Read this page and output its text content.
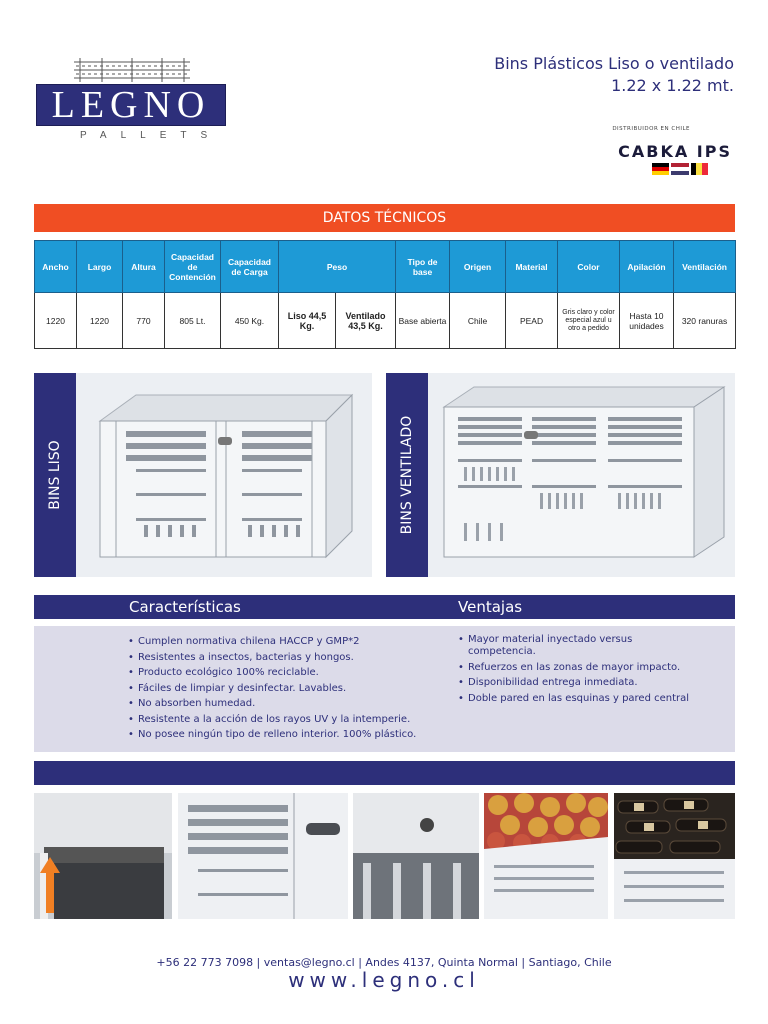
LEGNO
PALLETS
Bins Plásticos Liso o ventilado
1.22 x 1.22 mt.
DISTRIBUIDOR EN CHILE
CABKA IPS
DATOS TÉCNICOS
Ancho	Largo	Altura	Capacidad de Contención	Capacidad de Carga	Peso		Tipo de base	Origen	Material	Color	Apilación	Ventilación
1220	1220	770	805 Lt.	450 Kg.	Liso 44,5 Kg.	Ventilado 43,5 Kg.	Base abierta	Chile	PEAD	Gris claro y color especial azul u otro a pedido	Hasta 10 unidades	320 ranuras
BINS LISO	BINS VENTILADO
Características	Ventajas
• Cumplen normativa chilena HACCP y GMP*2
• Resistentes a insectos, bacterias y hongos.
• Producto ecológico 100% reciclable.
• Fáciles de limpiar y desinfectar. Lavables.
• No absorben humedad.
• Resistente a la acción de los rayos UV y la intemperie.
• No posee ningún tipo de relleno interior. 100% plástico.
• Mayor material inyectado versus competencia.
• Refuerzos en las zonas de mayor impacto.
• Disponibilidad entrega inmediata.
• Doble pared en las esquinas y pared central
+56 22 773 7098 | ventas@legno.cl | Andes 4137, Quinta Normal | Santiago, Chile
www.legno.cl
